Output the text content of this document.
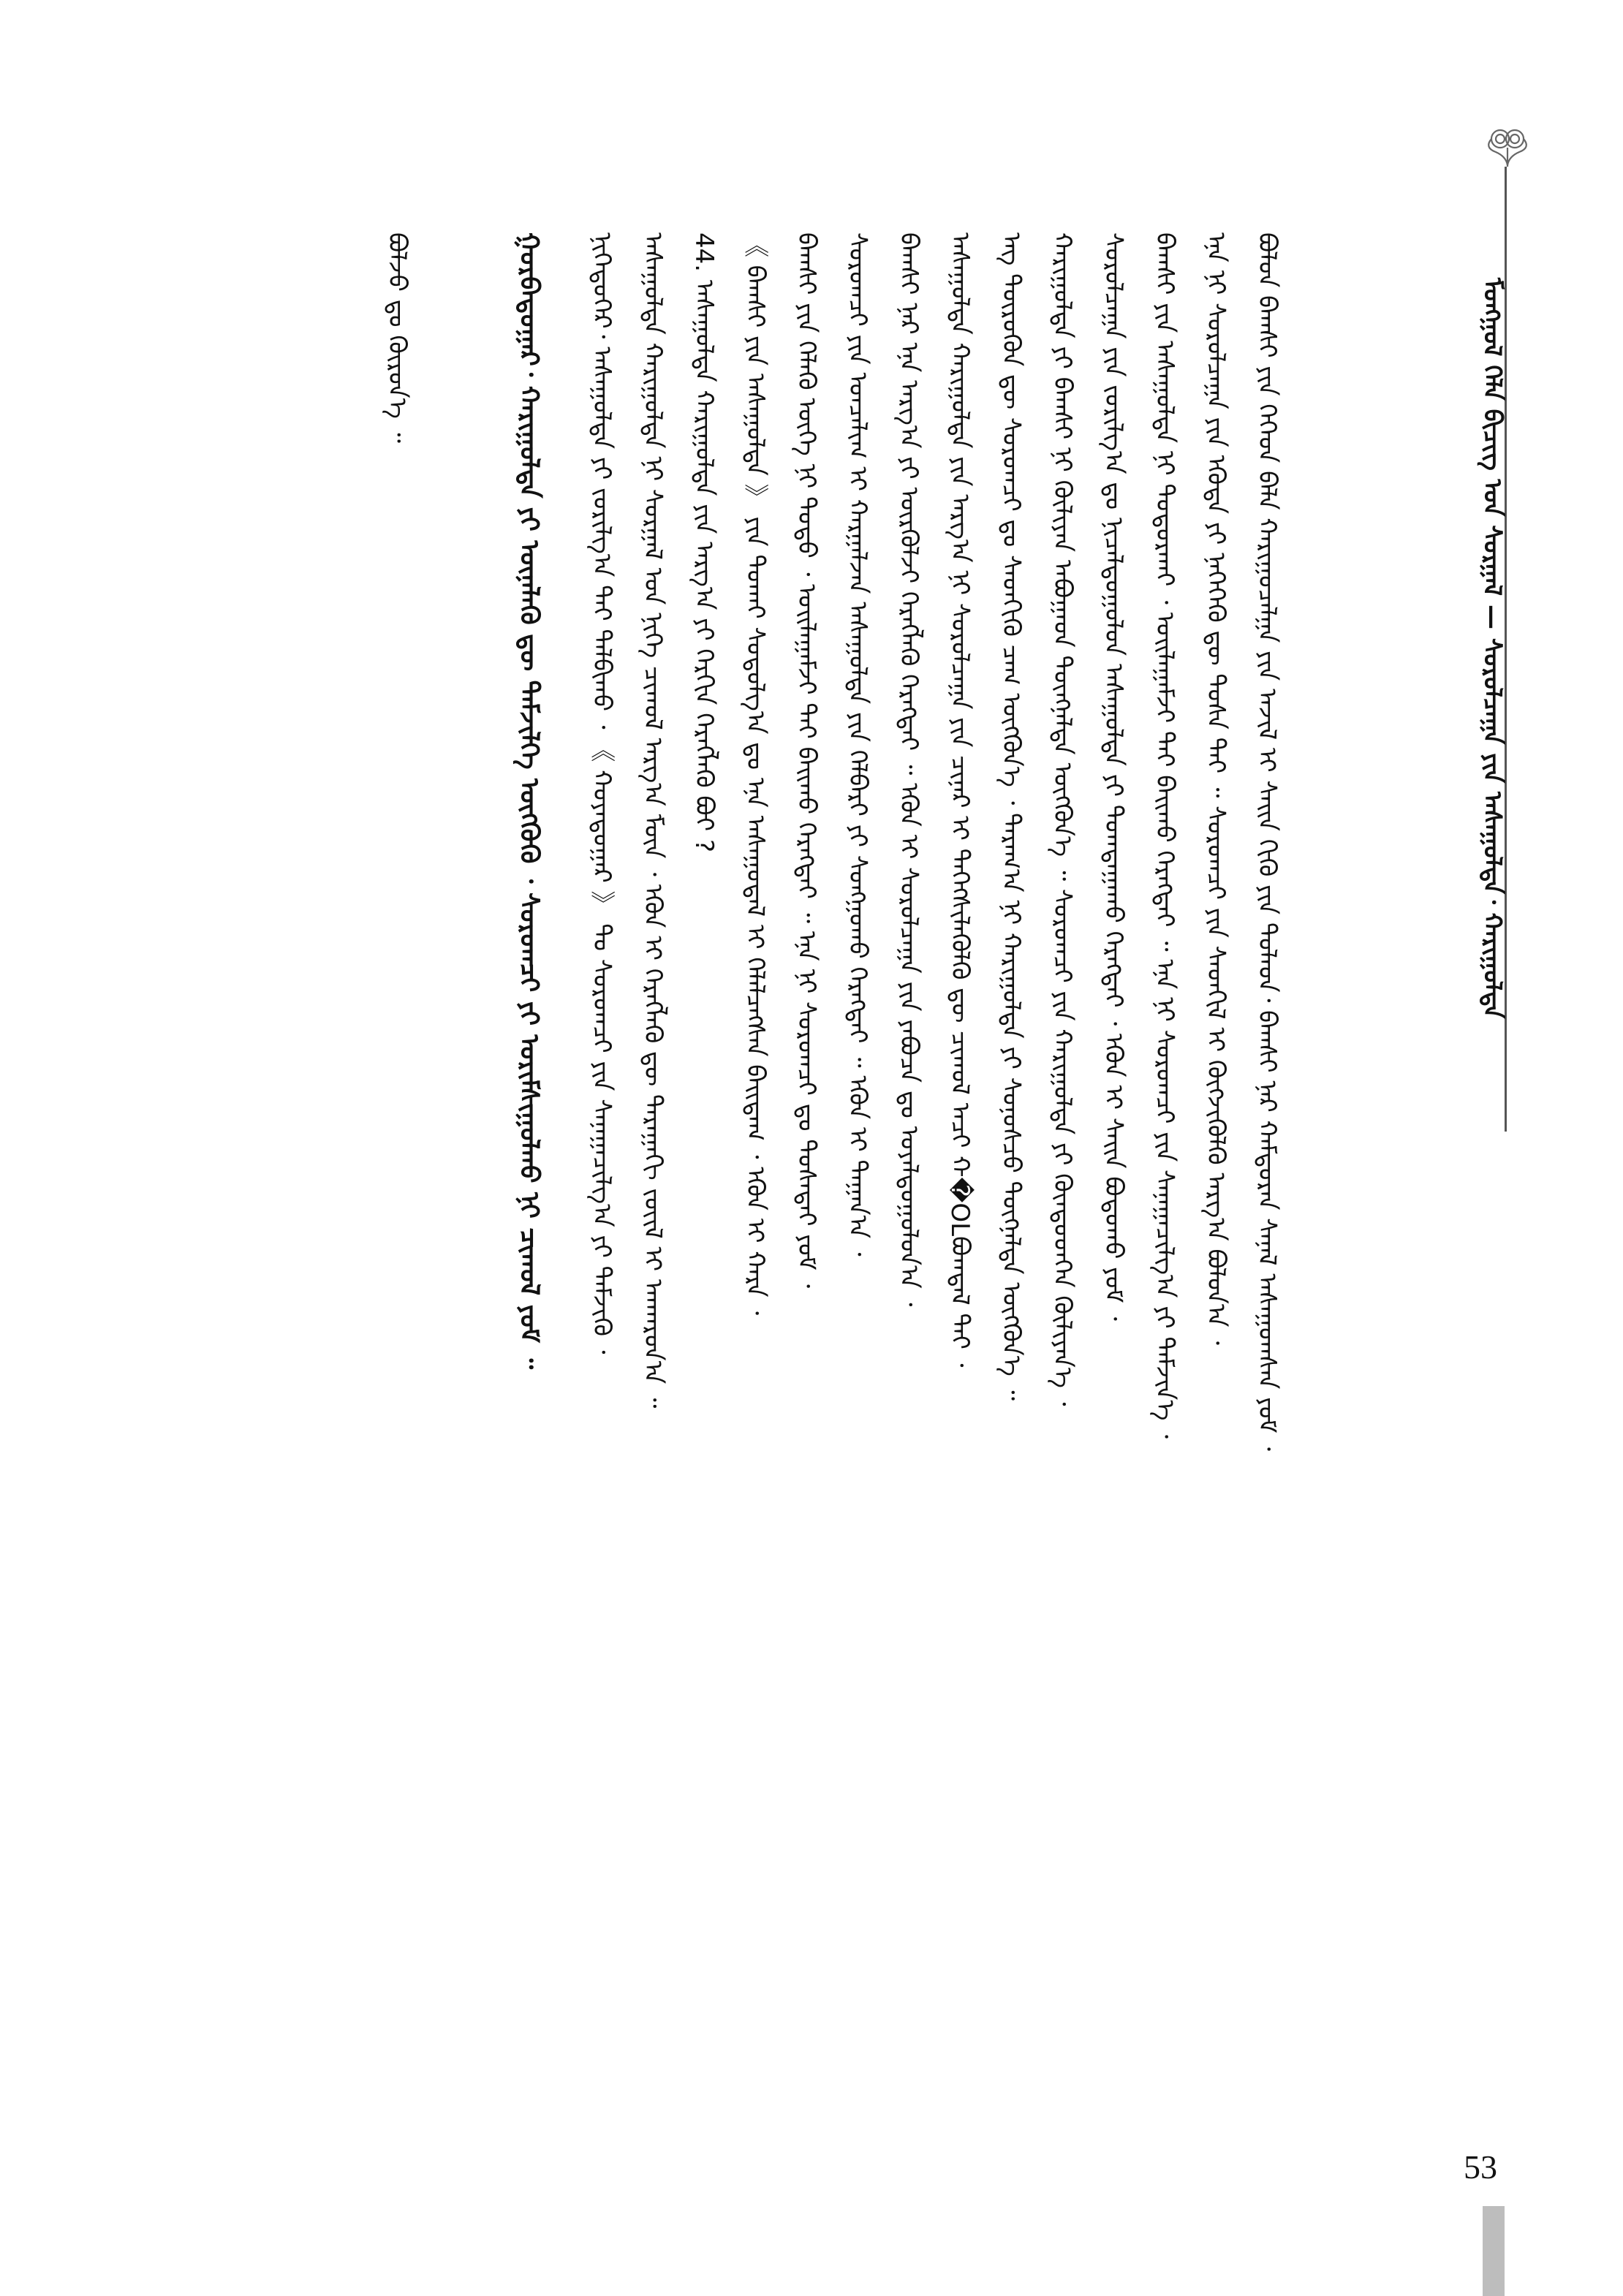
ᠮᠣᠩᠭᠣᠯ ᠬᠡᠯᠡ ᠪᠢᠴᠢᠭ ᠤᠨ ᠰᠤᠷᠭᠠᠯ — ᠰᠤᠷᠤᠯᠴᠠᠭᠠ ᠶᠢᠨ ᠠᠰᠠᠭᠤᠯᠲᠠ᠂ ᠬᠠᠷᠢᠭᠤᠯᠲᠠ
ᠪᠣᠯᠣᠨ ᠪᠠᠭᠰᠢ ᠶᠢᠨ ᠬᠡᠭᠡᠳ ᠪᠡᠯᠡ ᠬᠠᠷᠢᠭᠤᠴᠠᠯᠭᠠ ᠶᠢᠨ ᠠᠵᠢᠯ ᠢ ᠰᠠᠢᠨ ᠬᠢᠬᠦ ᠶᠢᠨ ᠲᠤᠯᠠᠳ᠂ ᠪᠠᠭᠰᠢ ᠨᠠᠷ ᠬᠠᠮᠲᠤᠷᠠᠨ ᠰᠠᠨᠠᠯ ᠠᠰᠠᠭᠤᠭᠰᠠᠨ ᠶᠤᠮ ᠂
ᠡᠨᠡ ᠨᠢ ᠰᠤᠷᠤᠯᠴᠠᠭᠠ ᠶᠢᠨ ᠡᠭᠦᠳᠡ ᠶᠢ ᠨᠡᠭᠡᠭᠡᠬᠦ ᠳᠦ ᠳᠤᠰᠠ ᠲᠠᠢ ᠃ ᠰᠤᠷᠤᠭᠴᠢ ᠶᠢᠨ ᠰᠡᠳᠬᠢᠯ ᠢ ᠬᠦᠭᠵᠢᠭᠦᠯᠬᠦ ᠠᠷᠭ᠎ᠠ ᠪᠣᠯᠤᠨ᠎ᠠ ᠂
ᠪᠠᠭᠰᠢ ᠶᠢᠨ ᠠᠰᠠᠭᠤᠯᠲᠠ ᠨᠢ ᠲᠣᠳᠣᠷᠬᠠᠢ ᠂ ᠣᠢᠯᠠᠭᠠᠮᠵᠢ ᠲᠠᠢ ᠪᠠᠢᠬᠤ ᠬᠡᠷᠡᠭᠲᠡᠢ ᠃ ᠡᠨᠡ ᠨᠢ ᠰᠤᠷᠤᠭᠴᠢ ᠶᠢᠨ ᠰᠠᠨᠠᠭᠠᠴᠢᠯᠭ᠎ᠠ ᠶᠢ ᠳᠡᠮᠵᠢᠨ᠎ᠡ ᠂
ᠰᠤᠷᠤᠯᠴᠠᠭᠠ ᠶᠢᠨ ᠵᠣᠷᠢᠯᠭ᠎ᠠ ᠳᠤ ᠨᠢᠴᠠᠯᠳᠤᠭᠤᠯᠤᠨ ᠠᠰᠠᠭᠤᠯᠲᠠ ᠶᠢ ᠲᠣᠭᠲᠠᠭᠠᠬᠤ ᠬᠡᠷᠡᠭᠲᠡᠢ ᠂ ᠡᠭᠦᠨ ᠢ ᠰᠠᠢᠨ ᠪᠣᠳᠣᠬᠤ ᠶᠤᠮ ᠂
ᠬᠠᠷᠢᠭᠤᠯᠲᠠ ᠶᠢ ᠪᠠᠭᠰᠢ ᠨᠢ ᠬᠦᠯᠢᠶᠡᠨ ᠠᠪᠤᠭᠠᠳ ᠳᠦᠩᠨᠡᠯᠲᠡ ᠥᠭᠭᠦᠨ᠎ᠡ ᠃ ᠰᠤᠷᠤᠭᠴᠢ ᠶᠢᠨ ᠬᠠᠷᠢᠭᠤᠯᠲᠠ ᠶᠢ ᠬᠦᠨᠳᠦᠳᠬᠡᠨ ᠬᠦᠯᠢᠶᠡᠨ᠎ᠡ ᠂
ᠡᠩ ᠲᠦᠷᠦᠭᠦᠨ ᠳᠦ ᠰᠤᠷᠤᠭᠴᠢ ᠳᠤ ᠰᠡᠳᠬᠢᠬᠦ ᠴᠠᠭ ᠥᠭᠭᠦᠨ᠎ᠡ ᠂ ᠳᠠᠷᠠᠭ᠎ᠠ ᠨᠢ ᠬᠠᠷᠢᠭᠤᠯᠲᠠ ᠶᠢ ᠰᠣᠨᠣᠰᠴᠤ ᠳᠦᠭᠨᠡᠯᠲᠡ ᠥᠭᠭᠦᠨ᠎ᠡ ᠃
ᠠᠰᠠᠭᠤᠯᠲᠠ ᠬᠠᠷᠢᠭᠤᠯᠲᠠ ᠶᠢᠨ ᠠᠷᠭ᠎ᠠ ᠨᠢ ᠰᠤᠷᠤᠯᠴᠠᠭᠠ ᠶᠢᠨ ᠴᠢᠨᠠᠷ ᠢ ᠳᠡᠭᠡᠭᠰᠢᠯᠡᠭᠦᠯᠬᠦ ᠳᠦ ᠴᠢᠬᠤᠯ ᠠᠴᠢ ᠬ�OLᠪᠣᠭᠳᠠᠯ ᠲᠠᠢ ᠂
ᠪᠠᠭᠰᠢ ᠨᠠᠷ ᠡᠨᠡ ᠠᠷᠭ᠎ᠠ ᠶᠢ ᠦᠷᠭᠦᠯᠵᠢ ᠬᠡᠷᠡᠭᠯᠡᠬᠦ ᠬᠡᠷᠡᠭᠲᠡᠢ ᠃ ᠡᠭᠦᠨ ᠢ ᠰᠤᠷᠤᠯᠴᠠᠭᠠ ᠶᠢᠨ ᠶᠠᠪᠤᠴᠠ ᠳᠤ ᠤᠶᠠᠯᠳᠤᠭᠤᠯᠤᠨ᠎ᠠ ᠂
ᠰᠤᠷᠤᠭᠴᠢ ᠶᠢᠨ ᠣᠨᠴᠠᠯᠢᠭ ᠢ ᠬᠠᠷᠭᠠᠯᠵᠠᠨ ᠠᠰᠠᠭᠤᠯᠲᠠ ᠶᠢᠨ ᠬᠡᠯᠪᠡᠷᠢ ᠶᠢ ᠰᠣᠩᠭᠣᠬᠤ ᠬᠡᠷᠡᠭᠲᠡᠢ ᠃ ᠡᠭᠦᠨ ᠢ ᠳᠠᠭᠠᠨ᠎ᠠ ᠂
ᠪᠠᠭᠰᠢ ᠶᠢᠨ ᠬᠡᠯᠡᠬᠦ ᠦᠭᠡ ᠨᠢ ᠲᠣᠳᠣ ᠂ ᠣᠢᠯᠠᠭᠠᠮᠵᠢ ᠲᠠᠢ ᠪᠠᠢᠬᠤ ᠬᠡᠷᠡᠭᠲᠡᠢ ᠃ ᠡᠨᠡ ᠨᠢ ᠰᠤᠷᠤᠭᠴᠢ ᠳᠤ ᠳᠤᠰᠠᠲᠠᠢ ᠶᠤᠮ ᠂
《 ᠪᠠᠭᠰᠢ ᠶᠢᠨ ᠠᠰᠠᠭᠤᠯᠲᠠ 》 ᠶᠢᠨ ᠲᠤᠬᠠᠢ ᠰᠤᠳᠤᠯᠭ᠎ᠠ ᠳᠤ ᠡᠨᠡ ᠠᠰᠠᠭᠤᠳᠠᠯ ᠢ ᠬᠡᠯᠡᠯᠴᠡᠭᠰᠡᠨ ᠪᠠᠢᠳᠠᠭ ᠂ ᠡᠭᠦᠨ ᠢ ᠬᠠᠷᠠ ᠂
44. ᠠᠰᠠᠭᠤᠯᠲᠠ ᠬᠠᠷᠢᠭᠤᠯᠲᠠ ᠶᠢᠨ ᠠᠷᠭ᠎ᠠ ᠶᠢ ᠬᠡᠷᠬᠢᠨ ᠬᠡᠷᠡᠭᠯᠡᠬᠦ ᠪᠤᠢ ?
ᠠᠰᠠᠭᠤᠯᠲᠠ ᠬᠠᠷᠢᠭᠤᠯᠲᠠ ᠨᠢ ᠰᠤᠷᠭᠠᠯ ᠤᠨ ᠨᠢᠭᠡ ᠴᠢᠬᠤᠯ ᠠᠷᠭ᠎ᠠ ᠮᠥᠨ ᠂ ᠡᠭᠦᠨ ᠢ ᠬᠡᠷᠡᠭᠯᠡᠬᠦ ᠳᠦ ᠳᠠᠷᠠᠭᠠᠬᠢ ᠵᠦᠢᠯ ᠢ ᠠᠨᠬᠠᠷᠤᠨ᠎ᠠ ᠃
ᠨᠢᠭᠡᠳᠦᠭᠡᠷ᠂ ᠠᠰᠠᠭᠤᠯᠲᠠ ᠶᠢ ᠵᠣᠷᠢᠯᠭ᠎ᠠ ᠲᠠᠢ ᠲᠠᠯᠪᠢᠬᠤ ᠂ 《 ᠬᠣᠶᠠᠳᠤᠭᠠᠷ 》 ᠲᠤ ᠰᠤᠷᠤᠭᠴᠢ ᠶᠢᠨ ᠰᠠᠨᠠᠭᠠᠴᠢᠯᠭ᠎ᠠ ᠶᠢ ᠳᠡᠮᠵᠢᠬᠦ ᠂
ᠭᠤᠷᠪᠠᠳᠤᠭᠠᠷ᠂ ᠬᠠᠷᠢᠭᠤᠯᠲᠠ ᠶᠢ ᠦᠨᠡᠯᠡᠬᠦ ᠳᠦ ᠳᠡᠮᠵᠢᠯᠭᠡ ᠥᠭᠭᠦᠬᠦ ᠂ ᠰᠤᠷᠤᠭᠴᠢ ᠶᠢ ᠤᠷᠢᠮᠰᠢᠭᠤᠯᠬᠤ ᠨᠢ ᠴᠢᠬᠤᠯ ᠶᠤᠮ ᠃
ᠪᠣᠯᠵᠤ ᠳᠤ ᠬᠦᠷᠦᠨ᠎ᠡ ᠃
53
